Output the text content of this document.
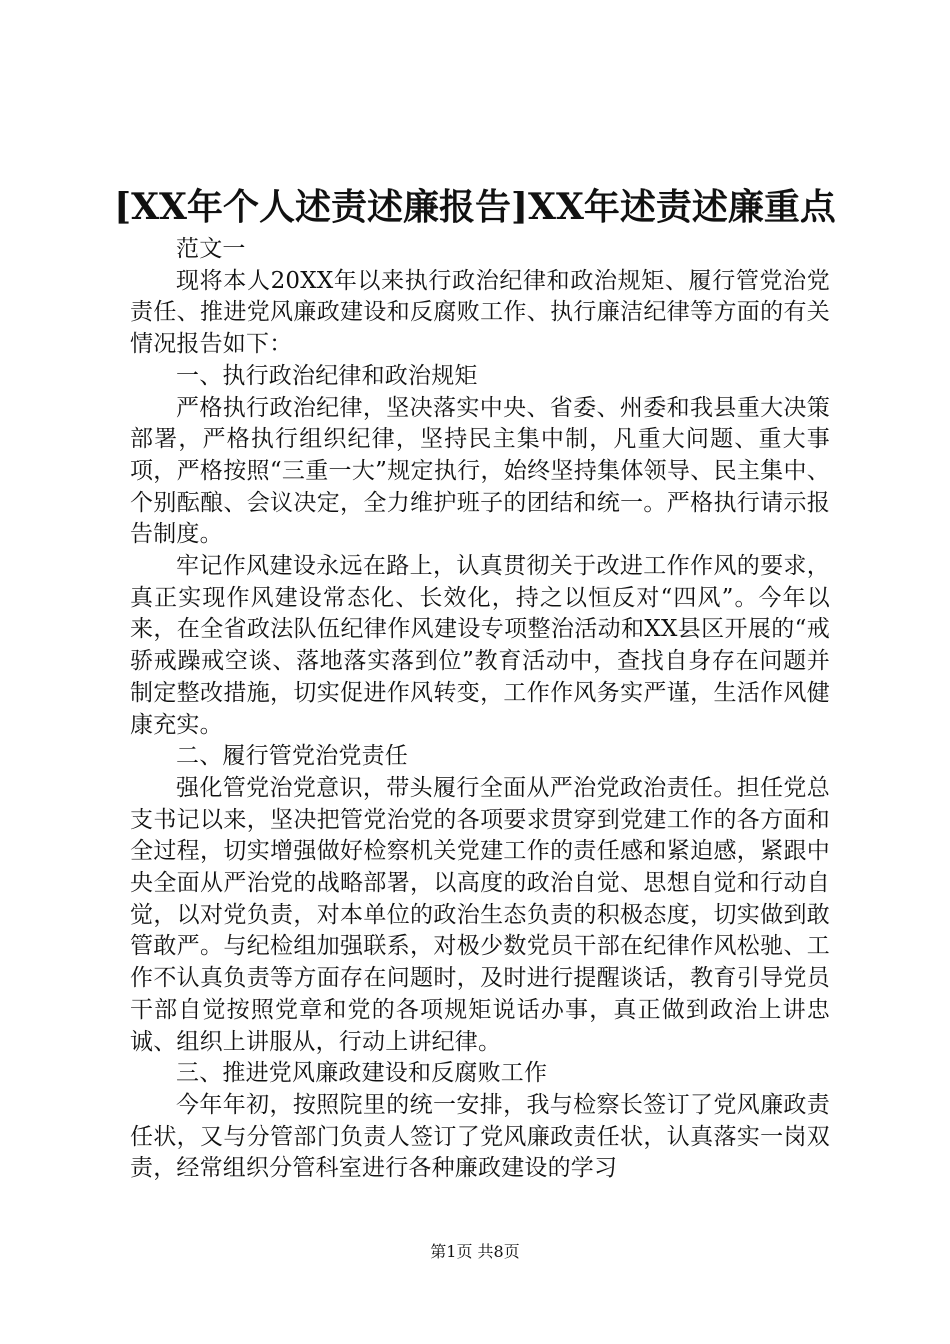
[XX年个人述责述廉报告]XX年述责述廉重点

范文一

现将本人20XX年以来执行政治纪律和政治规矩、履行管党治党责任、推进党风廉政建设和反腐败工作、执行廉洁纪律等方面的有关情况报告如下：

一、执行政治纪律和政治规矩

严格执行政治纪律，坚决落实中央、省委、州委和我县重大决策部署，严格执行组织纪律，坚持民主集中制，凡重大问题、重大事项，严格按照“三重一大”规定执行，始终坚持集体领导、民主集中、个别酝酿、会议决定，全力维护班子的团结和统一。严格执行请示报告制度。

牢记作风建设永远在路上，认真贯彻关于改进工作作风的要求，真正实现作风建设常态化、长效化，持之以恒反对“四风”。今年以来，在全省政法队伍纪律作风建设专项整治活动和XX县区开展的“戒骄戒躁戒空谈、落地落实落到位”教育活动中，查找自身存在问题并制定整改措施，切实促进作风转变，工作作风务实严谨，生活作风健康充实。

二、履行管党治党责任

强化管党治党意识，带头履行全面从严治党政治责任。担任党总支书记以来，坚决把管党治党的各项要求贯穿到党建工作的各方面和全过程，切实增强做好检察机关党建工作的责任感和紧迫感，紧跟中央全面从严治党的战略部署，以高度的政治自觉、思想自觉和行动自觉，以对党负责，对本单位的政治生态负责的积极态度，切实做到敢管敢严。与纪检组加强联系，对极少数党员干部在纪律作风松驰、工作不认真负责等方面存在问题时，及时进行提醒谈话，教育引导党员干部自觉按照党章和党的各项规矩说话办事，真正做到政治上讲忠诚、组织上讲服从，行动上讲纪律。

三、推进党风廉政建设和反腐败工作

今年年初，按照院里的统一安排，我与检察长签订了党风廉政责任状，又与分管部门负责人签订了党风廉政责任状，认真落实一岗双责，经常组织分管科室进行各种廉政建设的学习

第1页 共8页
